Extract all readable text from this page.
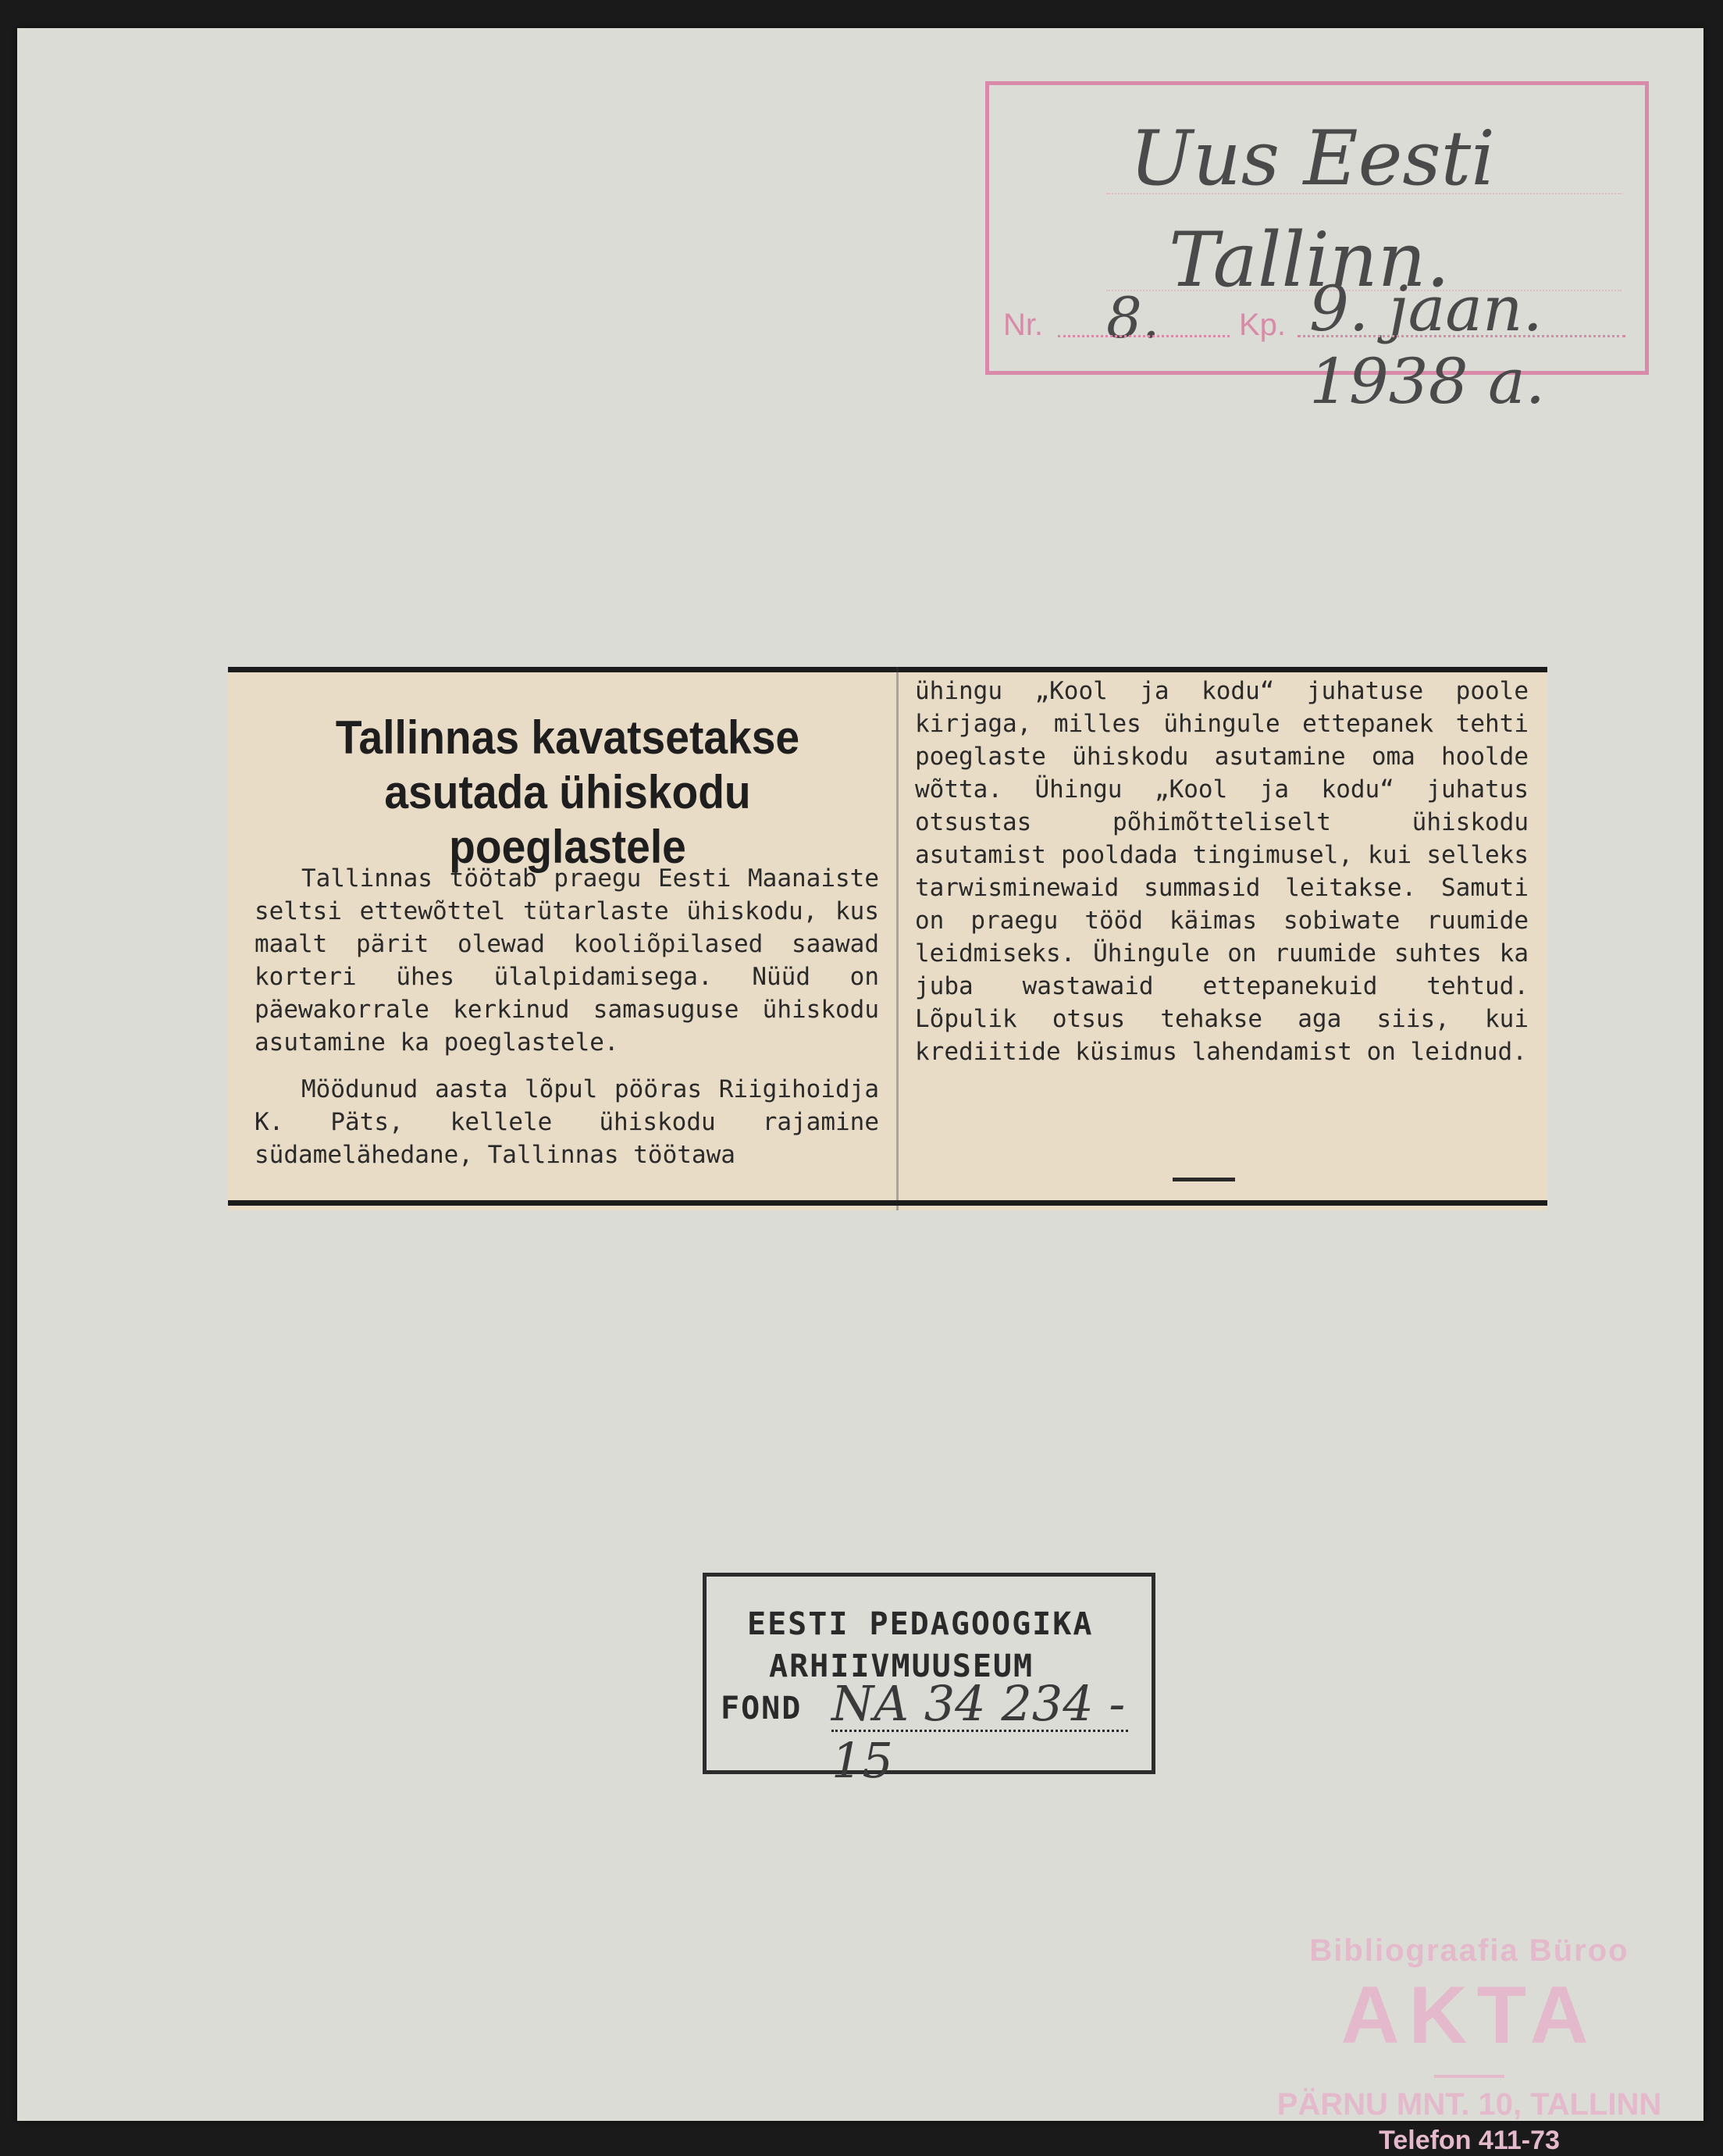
Uus Eesti
Tallinn.
Nr. 8.	Kp. 9. jaan. 1938 a.
Tallinnas kavatsetakse
asutada ühiskodu poeglastele

Tallinnas töötab praegu Eesti Maanaiste seltsi ettewõttel tütarlaste ühiskodu, kus maalt pärit olewad kooliõpilased saawad korteri ühes ülalpidamisega. Nüüd on päewakorrale kerkinud samasuguse ühiskodu asutamine ka poeglastele.

Möödunud aasta lõpul pööras Riigihoidja K. Päts, kellele ühiskodu rajamine südamelähedane, Tallinnas töötawa

ühingu „Kool ja kodu“ juhatuse poole kirjaga, milles ühingule ettepanek tehti poeglaste ühiskodu asutamine oma hoolde wõtta. Ühingu „Kool ja kodu“ juhatus otsustas põhimõtteliselt ühiskodu asutamist pooldada tingimusel, kui selleks tarwisminewaid summasid leitakse. Samuti on praegu tööd käimas sobiwate ruumide leidmiseks. Ühingule on ruumide suhtes ka juba wastawaid ettepanekuid tehtud. Lõpulik otsus tehakse aga siis, kui krediitide küsimus lahendamist on leidnud.

EESTI PEDAGOOGIKA
ARHIIVMUUSEUM
FOND NA 34 234 - 15
Bibliograafia Büroo
AKTA
PÄRNU MNT. 10, TALLINN
Telefon 411-73
